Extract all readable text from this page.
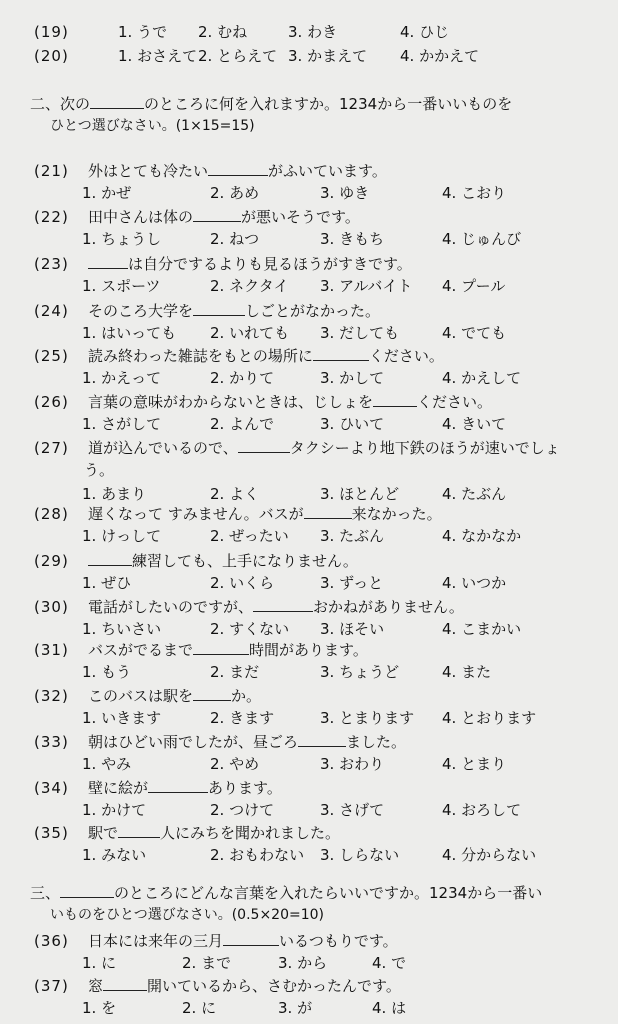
(19)	1. うで 2. むね	3. わき	4. ひじ
(20)	1. おさえて 2. とらえて 3. かまえて 4. かかえて
二、次の	のところに何を入れますか。1234から一番いいものを
ひとつ選びなさい。(1×15=15)
(21) 外はとても冷たい	がふいています。
1. かぜ	2. あめ	3. ゆき	4. こおり
(22) 田中さんは体の	が悪いそうです。
1. ちょうし	2. ねつ	3. きもち	4. じゅんび
(23)	は自分でするよりも見るほうがすきです。
1. スポーツ	2. ネクタイ 3. アルバイト 4. プール
(24) そのころ大学を	しごとがなかった。
1. はいっても 2. いれても 3. だしても	4. でても
(25) 読み終わった雑誌をもとの場所に	ください。
1. かえって	2. かりて	3. かして	4. かえして
(26) 言葉の意味がわからないときは、じしょを	ください。
1. さがして	2. よんで	3. ひいて	4. きいて
(27) 道が込んでいるので、	タクシーより地下鉄のほうが速いでしょ
う。
1. あまり	2. よく	3. ほとんど	4. たぶん
(28) 遅くなって すみません。バスが	来なかった。
1. けっして	2. ぜったい 3. たぶん	4. なかなか
(29)	練習しても、上手になりません。
1. ぜひ	2. いくら	3. ずっと	4. いつか
(30) 電話がしたいのですが、	おかねがありません。
1. ちいさい	2. すくない 3. ほそい	4. こまかい
(31) バスがでるまで	時間があります。
1. もう	2. まだ	3. ちょうど	4. また
(32) このバスは駅を	か。
1. いきます	2. きます	3. とまります 4. とおります
(33) 朝はひどい雨でしたが、昼ごろ	ました。
1. やみ	2. やめ	3. おわり	4. とまり
(34) 壁に絵が	あります。
1. かけて	2. つけて	3. さげて	4. おろして
(35) 駅で	人にみちを聞かれました。
1. みない	2. おもわない 3. しらない	4. 分からない
三、	のところにどんな言葉を入れたらいいですか。1234から一番い
いものをひとつ選びなさい。(0.5×20=10)
(36) 日本には来年の三月	いるつもりです。
1. に	2. まで	3. から	4. で
(37) 窓	開いているから、さむかったんです。
1. を	2. に	3. が	4. は
